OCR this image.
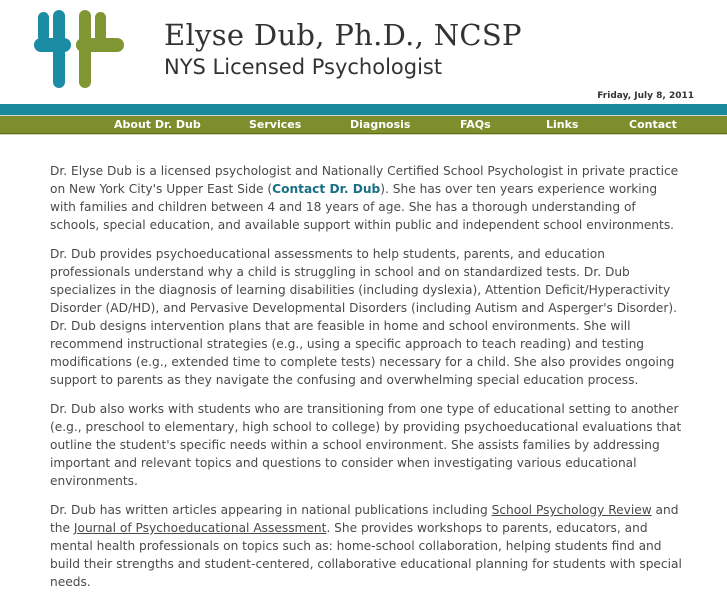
Elyse Dub, Ph.D., NCSP
NYS Licensed Psychologist
Friday, July 8, 2011
About Dr. Dub	Services	Diagnosis	FAQs	Links	Contact

Dr. Elyse Dub is a licensed psychologist and Nationally Certified School Psychologist in private practice on New York City's Upper East Side (Contact Dr. Dub). She has over ten years experience working with families and children between 4 and 18 years of age. She has a thorough understanding of schools, special education, and available support within public and independent school environments.

Dr. Dub provides psychoeducational assessments to help students, parents, and education professionals understand why a child is struggling in school and on standardized tests. Dr. Dub specializes in the diagnosis of learning disabilities (including dyslexia), Attention Deficit/Hyperactivity Disorder (AD/HD), and Pervasive Developmental Disorders (including Autism and Asperger's Disorder). Dr. Dub designs intervention plans that are feasible in home and school environments. She will recommend instructional strategies (e.g., using a specific approach to teach reading) and testing modifications (e.g., extended time to complete tests) necessary for a child. She also provides ongoing support to parents as they navigate the confusing and overwhelming special education process.

Dr. Dub also works with students who are transitioning from one type of educational setting to another (e.g., preschool to elementary, high school to college) by providing psychoeducational evaluations that outline the student's specific needs within a school environment. She assists families by addressing important and relevant topics and questions to consider when investigating various educational environments.

Dr. Dub has written articles appearing in national publications including School Psychology Review and the Journal of Psychoeducational Assessment. She provides workshops to parents, educators, and mental health professionals on topics such as: home-school collaboration, helping students find and build their strengths and student-centered, collaborative educational planning for students with special needs.
